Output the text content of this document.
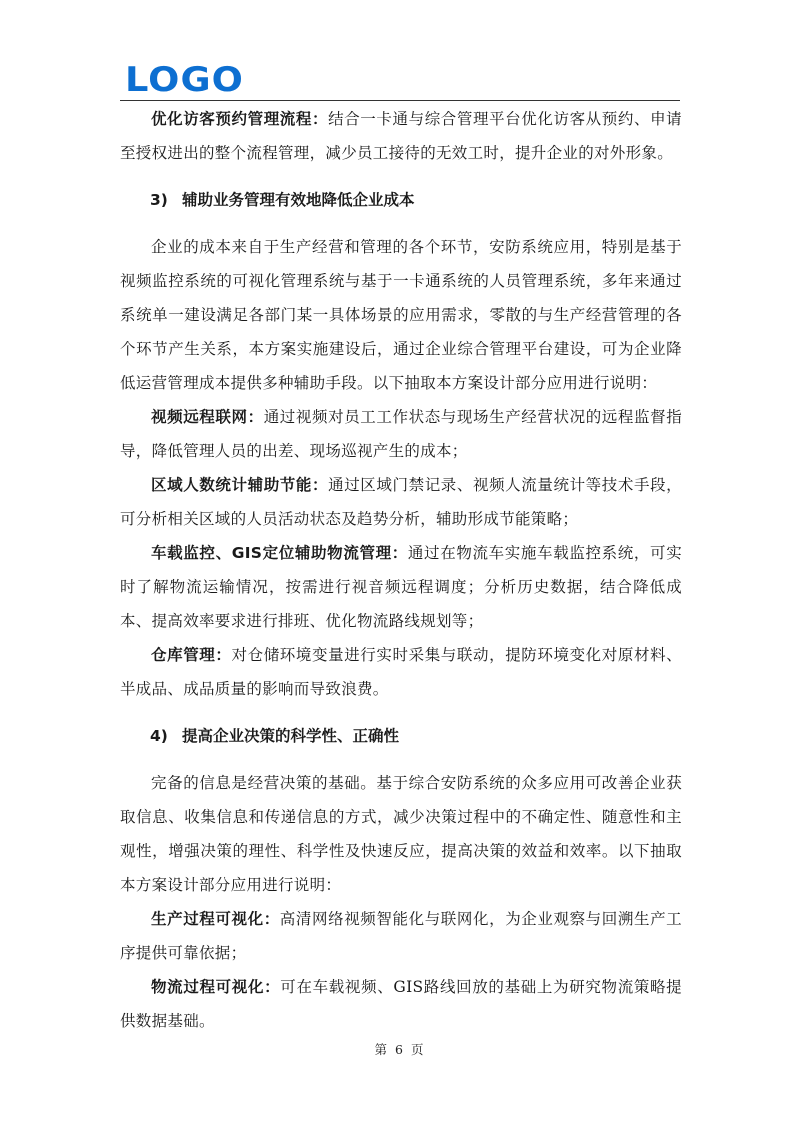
LOGO

优化访客预约管理流程：结合一卡通与综合管理平台优化访客从预约、申请至授权进出的整个流程管理，减少员工接待的无效工时，提升企业的对外形象。

3) 辅助业务管理有效地降低企业成本

企业的成本来自于生产经营和管理的各个环节，安防系统应用，特别是基于视频监控系统的可视化管理系统与基于一卡通系统的人员管理系统，多年来通过系统单一建设满足各部门某一具体场景的应用需求，零散的与生产经营管理的各个环节产生关系，本方案实施建设后，通过企业综合管理平台建设，可为企业降低运营管理成本提供多种辅助手段。以下抽取本方案设计部分应用进行说明：

视频远程联网：通过视频对员工工作状态与现场生产经营状况的远程监督指导，降低管理人员的出差、现场巡视产生的成本；

区域人数统计辅助节能：通过区域门禁记录、视频人流量统计等技术手段，可分析相关区域的人员活动状态及趋势分析，辅助形成节能策略；

车载监控、GIS定位辅助物流管理：通过在物流车实施车载监控系统，可实时了解物流运输情况，按需进行视音频远程调度；分析历史数据，结合降低成本、提高效率要求进行排班、优化物流路线规划等；

仓库管理：对仓储环境变量进行实时采集与联动，提防环境变化对原材料、半成品、成品质量的影响而导致浪费。

4) 提高企业决策的科学性、正确性

完备的信息是经营决策的基础。基于综合安防系统的众多应用可改善企业获取信息、收集信息和传递信息的方式，减少决策过程中的不确定性、随意性和主观性，增强决策的理性、科学性及快速反应，提高决策的效益和效率。以下抽取本方案设计部分应用进行说明：

生产过程可视化：高清网络视频智能化与联网化，为企业观察与回溯生产工序提供可靠依据；

物流过程可视化：可在车载视频、GIS路线回放的基础上为研究物流策略提供数据基础。

第 6 页
